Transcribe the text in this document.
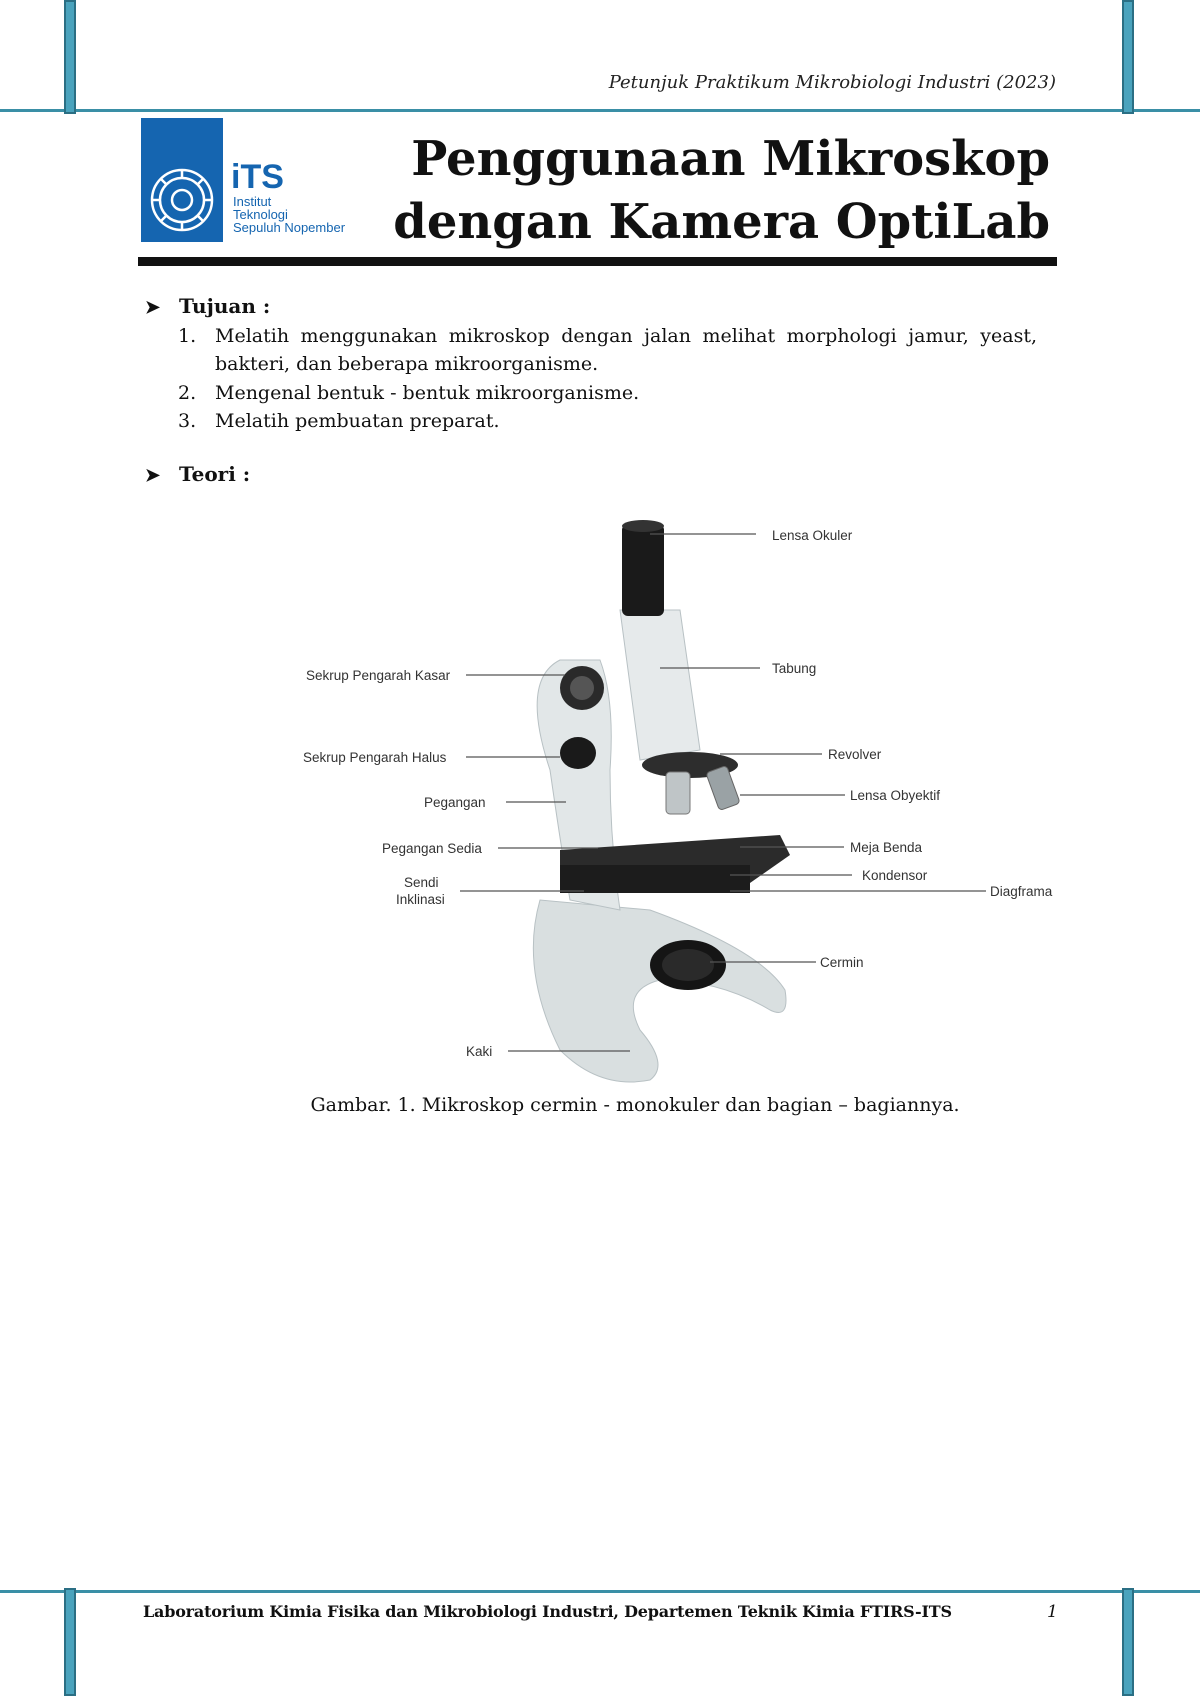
Petunjuk Praktikum Mikrobiologi Industri (2023)
iTS
Institut
Teknologi
Sepuluh Nopember
Penggunaan Mikroskop
dengan Kamera OptiLab
➤ Tujuan :
1. Melatih menggunakan mikroskop dengan jalan melihat morphologi jamur, yeast, bakteri, dan beberapa mikroorganisme.
2. Mengenal bentuk - bentuk mikroorganisme.
3. Melatih pembuatan preparat.
➤ Teori :
Lensa Okuler
Tabung
Sekrup Pengarah Kasar
Sekrup Pengarah Halus	Revolver
Pegangan	Lensa Obyektif
Pegangan Sedia	Meja Benda
Sendi
Inklinasi
Kondensor
Diagframa
Cermin
Kaki
Gambar. 1. Mikroskop cermin - monokuler dan bagian – bagiannya.
Laboratorium Kimia Fisika dan Mikrobiologi Industri, Departemen Teknik Kimia FTIRS-ITS	1
